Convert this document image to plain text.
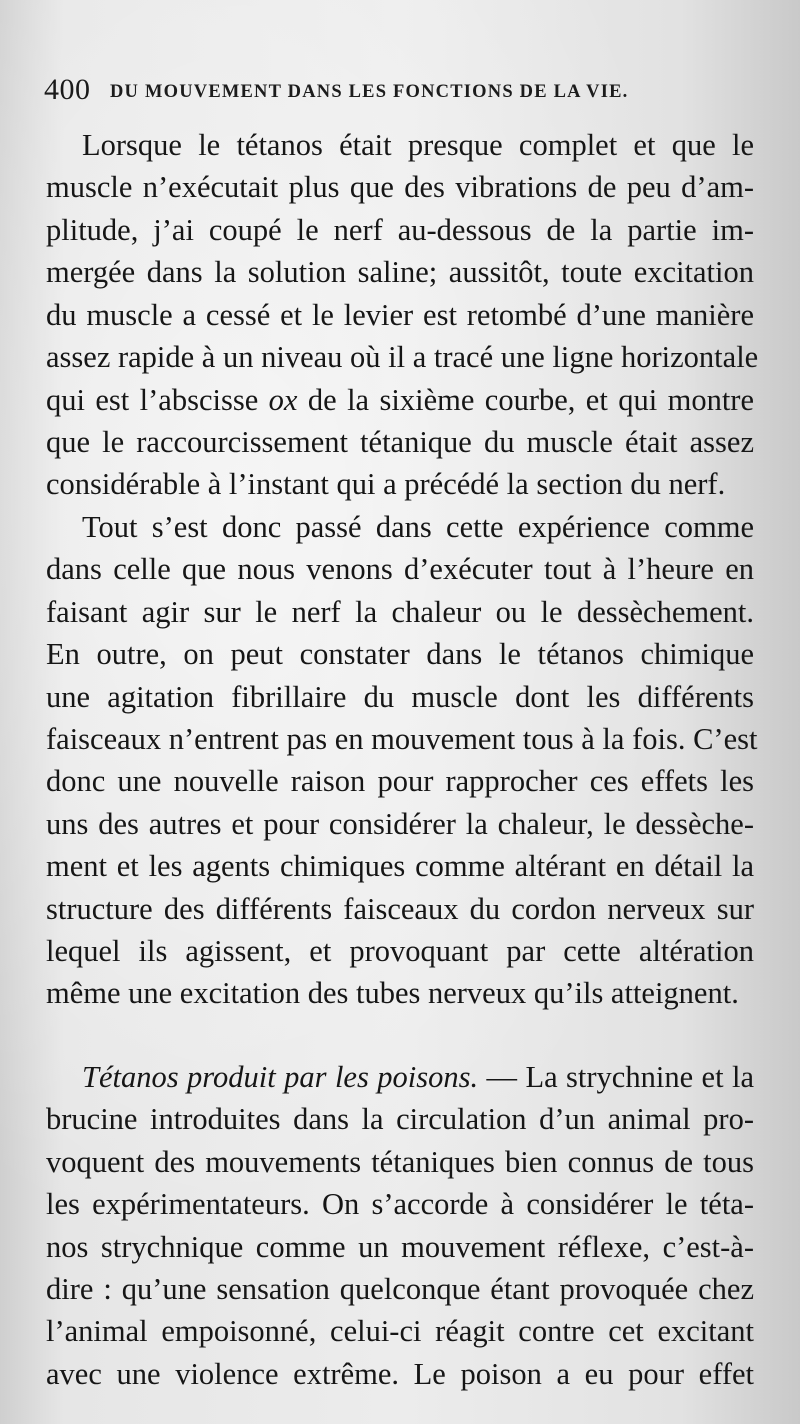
400 DU MOUVEMENT DANS LES FONCTIONS DE LA VIE.
Lorsque le tétanos était presque complet et que le
muscle n’exécutait plus que des vibrations de peu d’am-
plitude, j’ai coupé le nerf au-dessous de la partie im-
mergée dans la solution saline; aussitôt, toute excitation
du muscle a cessé et le levier est retombé d’une manière
assez rapide à un niveau où il a tracé une ligne horizontale
qui est l’abscisse ox de la sixième courbe, et qui montre
que le raccourcissement tétanique du muscle était assez
considérable à l’instant qui a précédé la section du nerf.
Tout s’est donc passé dans cette expérience comme
dans celle que nous venons d’exécuter tout à l’heure en
faisant agir sur le nerf la chaleur ou le dessèchement.
En outre, on peut constater dans le tétanos chimique
une agitation fibrillaire du muscle dont les différents
faisceaux n’entrent pas en mouvement tous à la fois. C’est
donc une nouvelle raison pour rapprocher ces effets les
uns des autres et pour considérer la chaleur, le dessèche-
ment et les agents chimiques comme altérant en détail la
structure des différents faisceaux du cordon nerveux sur
lequel ils agissent, et provoquant par cette altération
même une excitation des tubes nerveux qu’ils atteignent.
Tétanos produit par les poisons. — La strychnine et la
brucine introduites dans la circulation d’un animal pro-
voquent des mouvements tétaniques bien connus de tous
les expérimentateurs. On s’accorde à considérer le téta-
nos strychnique comme un mouvement réflexe, c’est-à-
dire : qu’une sensation quelconque étant provoquée chez
l’animal empoisonné, celui-ci réagit contre cet excitant
avec une violence extrême. Le poison a eu pour effet
